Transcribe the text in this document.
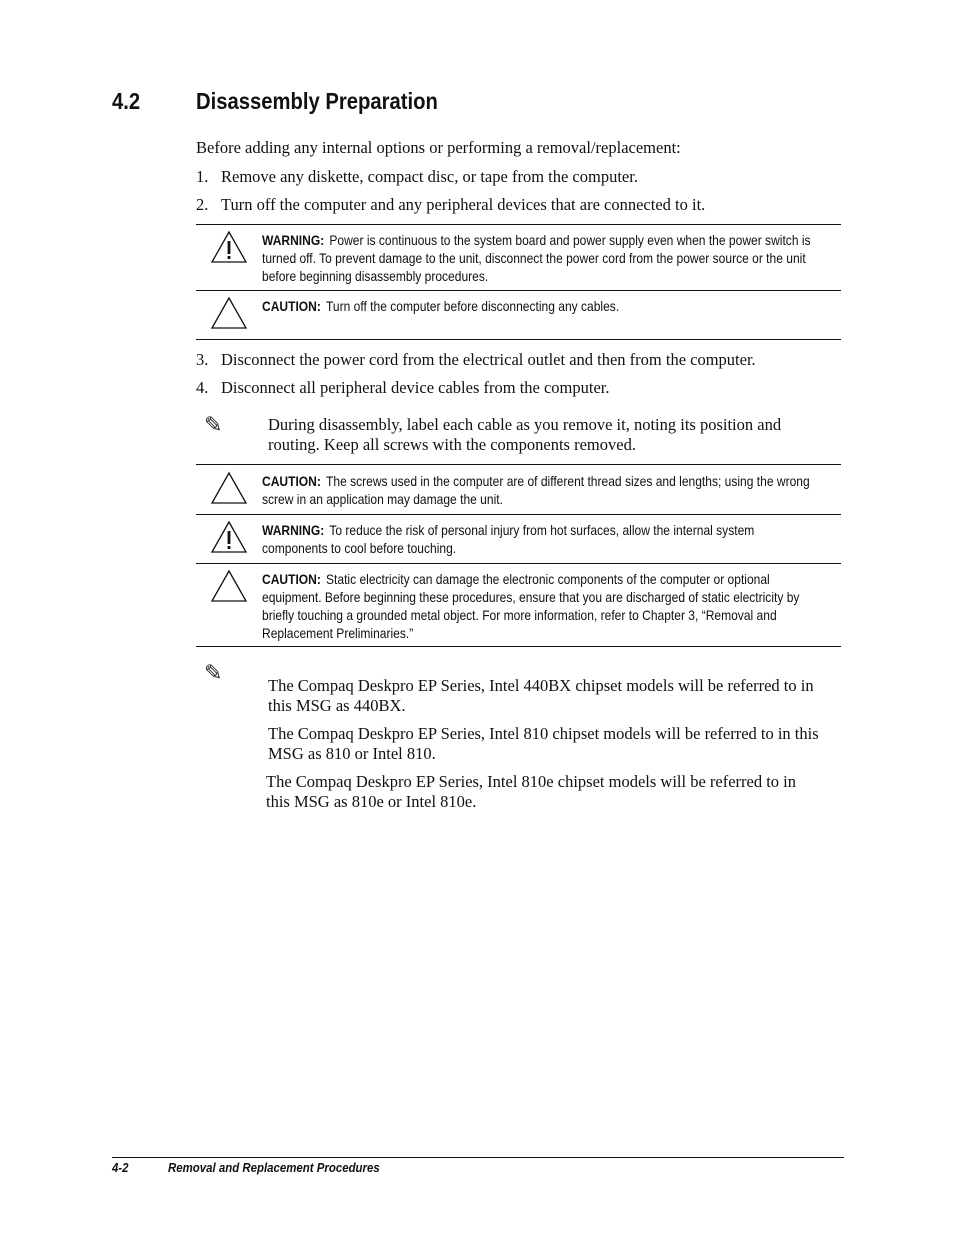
4.2 Disassembly Preparation
Before adding any internal options or performing a removal/replacement:
1. Remove any diskette, compact disc, or tape from the computer.
2. Turn off the computer and any peripheral devices that are connected to it.
WARNING: Power is continuous to the system board and power supply even when the power switch is turned off. To prevent damage to the unit, disconnect the power cord from the power source or the unit before beginning disassembly procedures.
CAUTION: Turn off the computer before disconnecting any cables.
3. Disconnect the power cord from the electrical outlet and then from the computer.
4. Disconnect all peripheral device cables from the computer.
✎	During disassembly, label each cable as you remove it, noting its position and routing. Keep all screws with the components removed.
CAUTION: The screws used in the computer are of different thread sizes and lengths; using the wrong screw in an application may damage the unit.
WARNING: To reduce the risk of personal injury from hot surfaces, allow the internal system components to cool before touching.
CAUTION: Static electricity can damage the electronic components of the computer or optional equipment. Before beginning these procedures, ensure that you are discharged of static electricity by briefly touching a grounded metal object. For more information, refer to Chapter 3, “Removal and Replacement Preliminaries.”
✎
The Compaq Deskpro EP Series, Intel 440BX chipset models will be referred to in this MSG as 440BX.
The Compaq Deskpro EP Series, Intel 810 chipset models will be referred to in this MSG as 810 or Intel 810.
The Compaq Deskpro EP Series, Intel 810e chipset models will be referred to in this MSG as 810e or Intel 810e.
4-2	Removal and Replacement Procedures
